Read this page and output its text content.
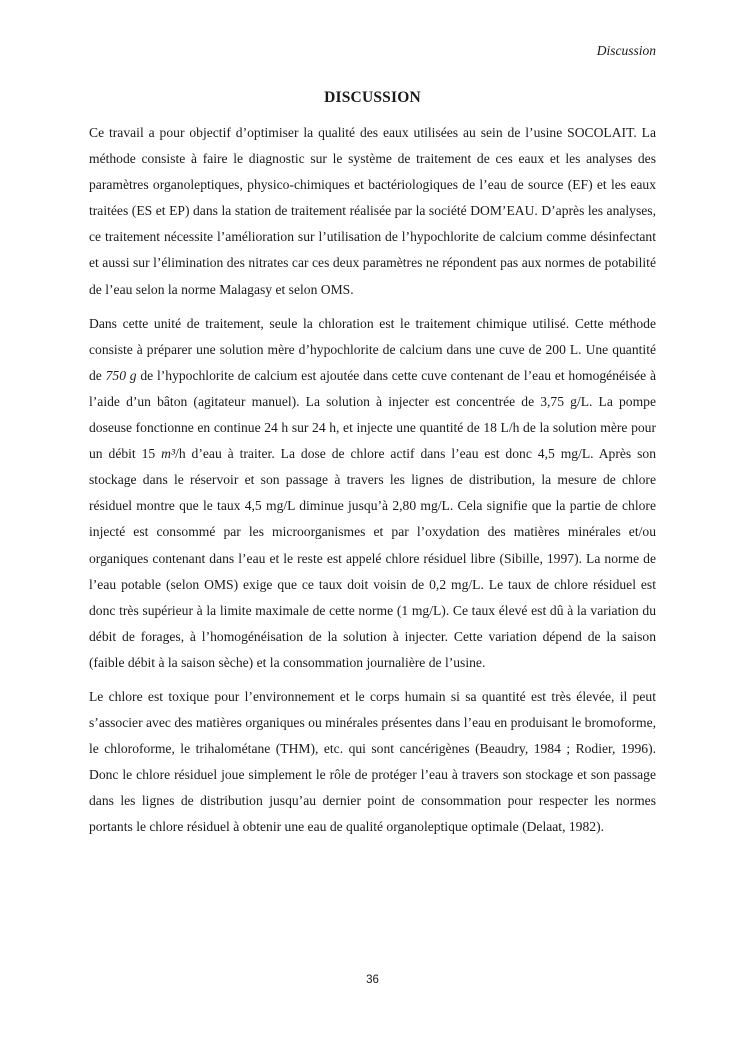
Discussion
DISCUSSION

Ce travail a pour objectif d’optimiser la qualité des eaux utilisées au sein de l’usine SOCOLAIT. La méthode consiste à faire le diagnostic sur le système de traitement de ces eaux et les analyses des paramètres organoleptiques, physico-chimiques et bactériologiques de l’eau de source (EF) et les eaux traitées (ES et EP) dans la station de traitement réalisée par la société DOM’EAU. D’après les analyses, ce traitement nécessite l’amélioration sur l’utilisation de l’hypochlorite de calcium comme désinfectant et aussi sur l’élimination des nitrates car ces deux paramètres ne répondent pas aux normes de potabilité de l’eau selon la norme Malagasy et selon OMS.

Dans cette unité de traitement, seule la chloration est le traitement chimique utilisé. Cette méthode consiste à préparer une solution mère d’hypochlorite de calcium dans une cuve de 200 L. Une quantité de 750 g de l’hypochlorite de calcium est ajoutée dans cette cuve contenant de l’eau et homogénéisée à l’aide d’un bâton (agitateur manuel). La solution à injecter est concentrée de 3,75 g/L. La pompe doseuse fonctionne en continue 24 h sur 24 h, et injecte une quantité de 18 L/h de la solution mère pour un débit 15 m³/h d’eau à traiter. La dose de chlore actif dans l’eau est donc 4,5 mg/L. Après son stockage dans le réservoir et son passage à travers les lignes de distribution, la mesure de chlore résiduel montre que le taux 4,5 mg/L diminue jusqu’à 2,80 mg/L. Cela signifie que la partie de chlore injecté est consommé par les microorganismes et par l’oxydation des matières minérales et/ou organiques contenant dans l’eau et le reste est appelé chlore résiduel libre (Sibille, 1997). La norme de l’eau potable (selon OMS) exige que ce taux doit voisin de 0,2 mg/L. Le taux de chlore résiduel est donc très supérieur à la limite maximale de cette norme (1 mg/L). Ce taux élevé est dû à la variation du débit de forages, à l’homogénéisation de la solution à injecter. Cette variation dépend de la saison (faible débit à la saison sèche) et la consommation journalière de l’usine.

Le chlore est toxique pour l’environnement et le corps humain si sa quantité est très élevée, il peut s’associer avec des matières organiques ou minérales présentes dans l’eau en produisant le bromoforme, le chloroforme, le trihalométane (THM), etc. qui sont cancérigènes (Beaudry, 1984 ; Rodier, 1996). Donc le chlore résiduel joue simplement le rôle de protéger l’eau à travers son stockage et son passage dans les lignes de distribution jusqu’au dernier point de consommation pour respecter les normes portants le chlore résiduel à obtenir une eau de qualité organoleptique optimale (Delaat, 1982).

36
